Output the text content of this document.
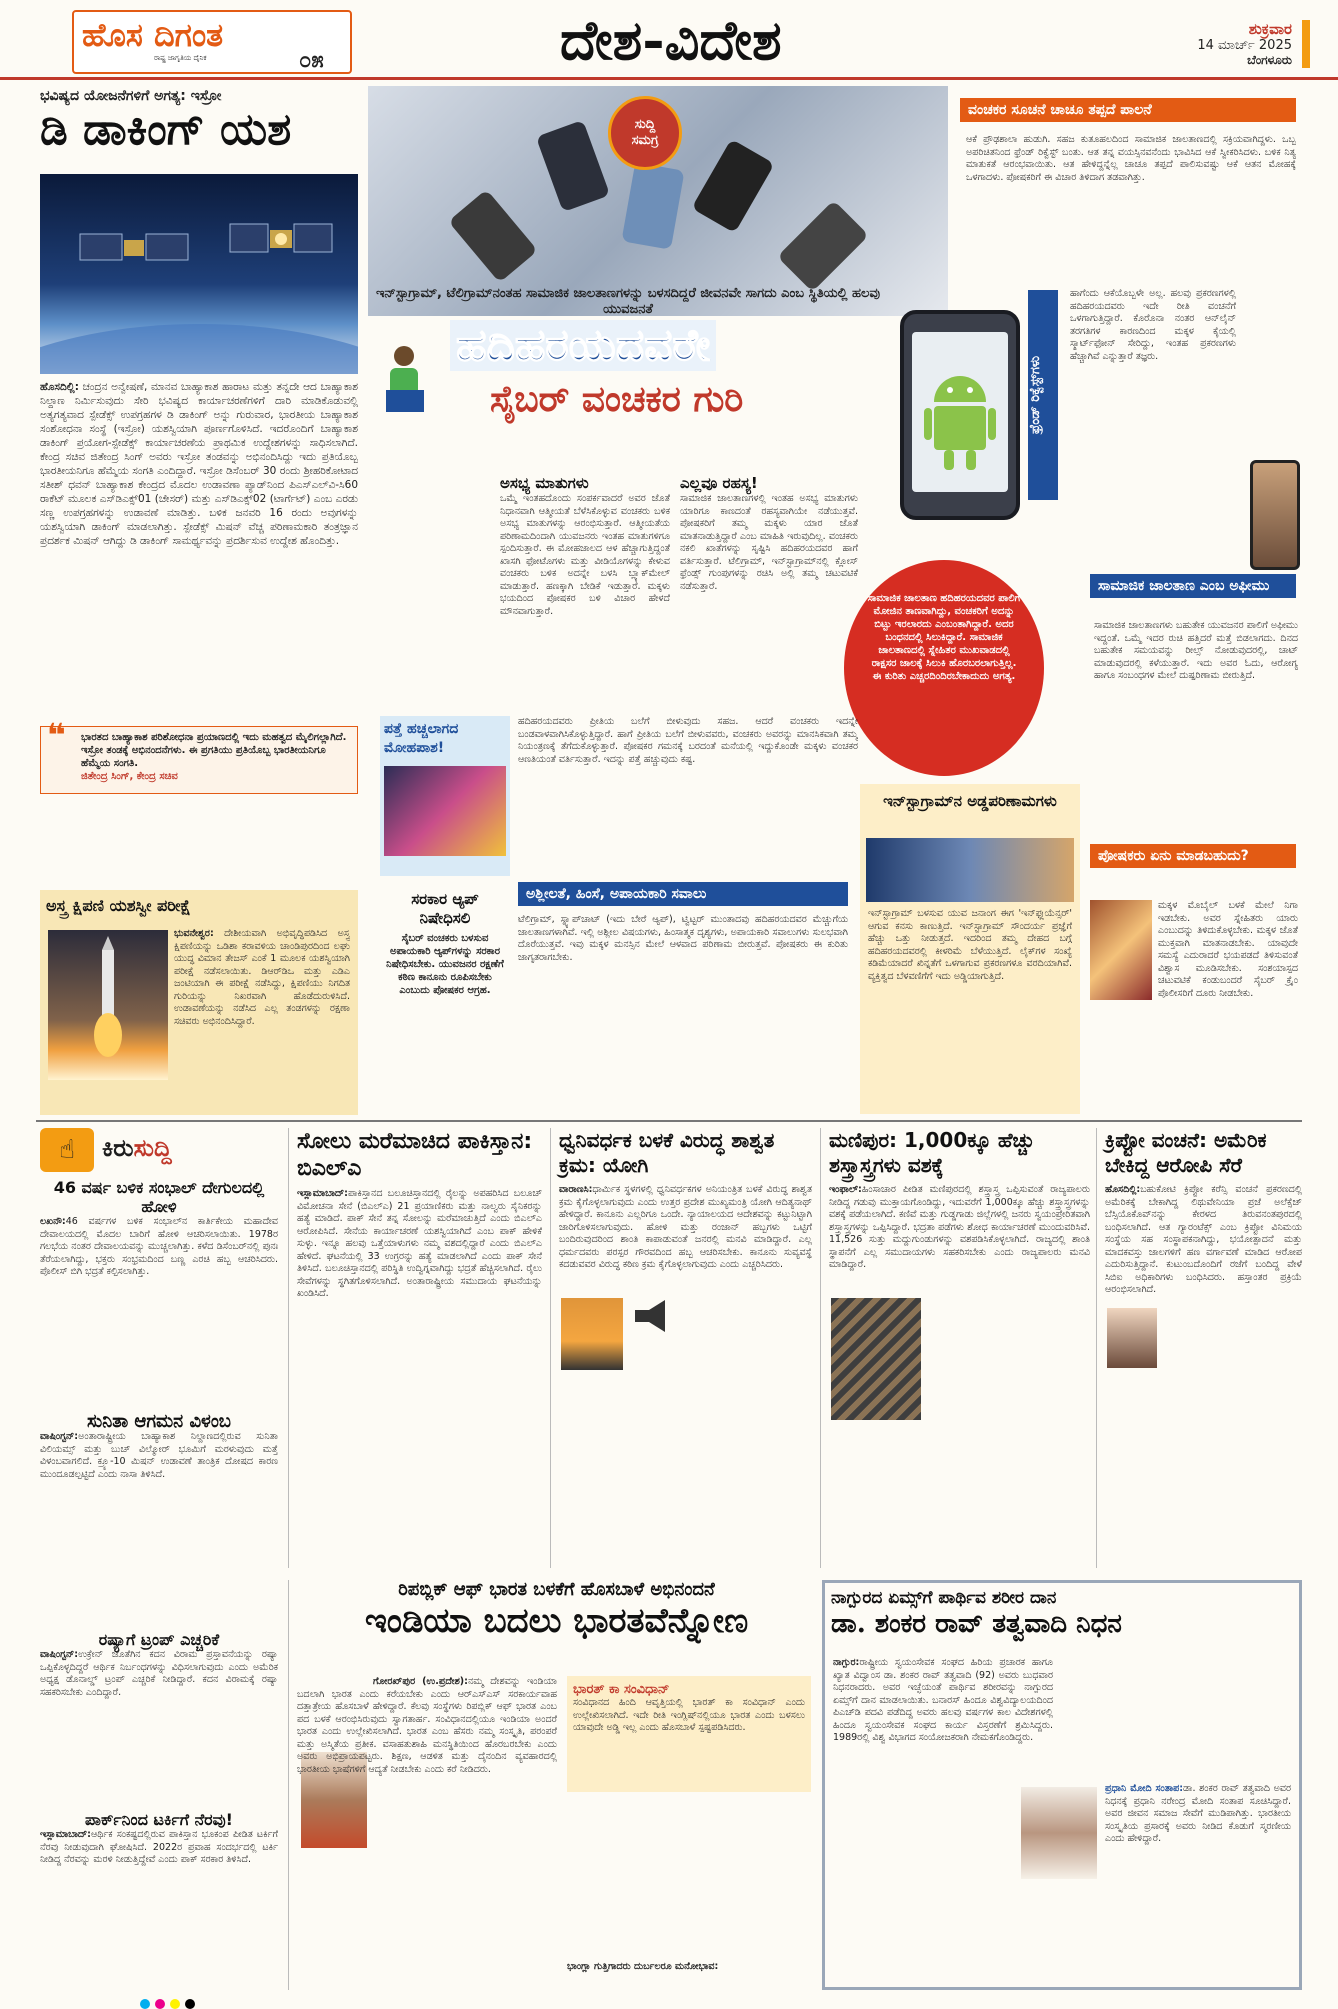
ಹೊಸ ದಿಗಂತ
ರಾಷ್ಟ್ರ ಜಾಗೃತಿಯ ದೈನಿಕ	೦೫	ದೇಶ-ವಿದೇಶ	ಶುಕ್ರವಾರ
14 ಮಾರ್ಚ್ 2025
ಬೆಂಗಳೂರು
ಭವಿಷ್ಯದ ಯೋಜನೆಗಳಿಗೆ ಅಗತ್ಯ: ಇಸ್ರೋ
ಡಿ ಡಾಕಿಂಗ್ ಯಶ
ಹೊಸದಿಲ್ಲಿ: ಚಂದ್ರನ ಅನ್ವೇಷಣೆ, ಮಾನವ ಬಾಹ್ಯಾಕಾಶ ಹಾರಾಟ ಮತ್ತು ತನ್ನದೇ ಆದ ಬಾಹ್ಯಾಕಾಶ ನಿಲ್ದಾಣ ನಿರ್ಮಿಸುವುದು ಸೇರಿ ಭವಿಷ್ಯದ ಕಾರ್ಯಾಚರಣೆಗಳಿಗೆ ದಾರಿ ಮಾಡಿಕೊಡುವಲ್ಲಿ ಅತ್ಯಗತ್ಯವಾದ ಸ್ಪೇಡೆಕ್ಸ್ ಉಪಗ್ರಹಗಳ ಡಿ ಡಾಕಿಂಗ್ ಅನ್ನು ಗುರುವಾರ, ಭಾರತೀಯ ಬಾಹ್ಯಾಕಾಶ ಸಂಶೋಧನಾ ಸಂಸ್ಥೆ (ಇಸ್ರೋ) ಯಶಸ್ವಿಯಾಗಿ ಪೂರ್ಣಗೊಳಿಸಿದೆ. ಇದರೊಂದಿಗೆ ಬಾಹ್ಯಾಕಾಶ ಡಾಕಿಂಗ್ ಪ್ರಯೋಗ-ಸ್ಪೇಡೆಕ್ಸ್ ಕಾರ್ಯಾಚರಣೆಯ ಪ್ರಾಥಮಿಕ ಉದ್ದೇಶಗಳನ್ನು ಸಾಧಿಸಲಾಗಿದೆ. ಕೇಂದ್ರ ಸಚಿವ ಜಿತೇಂದ್ರ ಸಿಂಗ್ ಅವರು ಇಸ್ರೋ ತಂಡವನ್ನು ಅಭಿನಂದಿಸಿದ್ದು ಇದು ಪ್ರತಿಯೊಬ್ಬ ಭಾರತೀಯನಿಗೂ ಹೆಮ್ಮೆಯ ಸಂಗತಿ ಎಂದಿದ್ದಾರೆ. ಇಸ್ರೋ ಡಿಸೆಂಬರ್ 30 ರಂದು ಶ್ರೀಹರಿಕೋಟಾದ ಸತೀಶ್ ಧವನ್ ಬಾಹ್ಯಾಕಾಶ ಕೇಂದ್ರದ ಮೊದಲ ಉಡಾವಣಾ ಪ್ಯಾಡ್‌ನಿಂದ ಪಿಎಸ್‌ಎಲ್‌ವಿ-ಸಿ60 ರಾಕೆಟ್ ಮೂಲಕ ಎಸ್‌ಡಿಎಕ್ಸ್01 (ಚೇಸರ್) ಮತ್ತು ಎಸ್‌ಡಿಎಕ್ಸ್02 (ಟಾರ್ಗೆಟ್) ಎಂಬ ಎರಡು ಸಣ್ಣ ಉಪಗ್ರಹಗಳನ್ನು ಉಡಾವಣೆ ಮಾಡಿತ್ತು. ಬಳಿಕ ಜನವರಿ 16 ರಂದು ಅವುಗಳನ್ನು ಯಶಸ್ವಿಯಾಗಿ ಡಾಕಿಂಗ್ ಮಾಡಲಾಗಿತ್ತು. ಸ್ಪೇಡೆಕ್ಸ್ ಮಿಷನ್ ವೆಚ್ಚ ಪರಿಣಾಮಕಾರಿ ತಂತ್ರಜ್ಞಾನ ಪ್ರದರ್ಶಕ ಮಿಷನ್ ಆಗಿದ್ದು ಡಿ ಡಾಕಿಂಗ್ ಸಾಮರ್ಥ್ಯವನ್ನು ಪ್ರದರ್ಶಿಸುವ ಉದ್ದೇಶ ಹೊಂದಿತ್ತು.
❝ ಭಾರತದ ಬಾಹ್ಯಾಕಾಶ ಪರಿಶೋಧನಾ ಪ್ರಯಾಣದಲ್ಲಿ ಇದು ಮಹತ್ವದ ಮೈಲಿಗಲ್ಲಾಗಿದೆ. ಇಸ್ರೋ ತಂಡಕ್ಕೆ ಅಭಿನಂದನೆಗಳು. ಈ ಪ್ರಗತಿಯು ಪ್ರತಿಯೊಬ್ಬ ಭಾರತೀಯನಿಗೂ ಹೆಮ್ಮೆಯ ಸಂಗತಿ.
ಜಿತೇಂದ್ರ ಸಿಂಗ್, ಕೇಂದ್ರ ಸಚಿವ
ಅಸ್ತ್ರ ಕ್ಷಿಪಣಿ ಯಶಸ್ವೀ ಪರೀಕ್ಷೆ
ಭುವನೇಶ್ವರ: ದೇಶೀಯವಾಗಿ ಅಭಿವೃದ್ಧಿಪಡಿಸಿದ ಅಸ್ತ್ರ ಕ್ಷಿಪಣಿಯನ್ನು ಒಡಿಶಾ ಕರಾವಳಿಯ ಚಾಂಡಿಪುರದಿಂದ ಲಘು ಯುದ್ಧ ವಿಮಾನ ತೇಜಸ್ ಎಂಕೆ 1 ಮೂಲಕ ಯಶಸ್ವಿಯಾಗಿ ಪರೀಕ್ಷೆ ನಡೆಸಲಾಯಿತು. ಡಿಆರ್‌ಡಿಒ ಮತ್ತು ಎಡಿಎ ಜಂಟಿಯಾಗಿ ಈ ಪರೀಕ್ಷೆ ನಡೆಸಿದ್ದು, ಕ್ಷಿಪಣಿಯು ನಿಗದಿತ ಗುರಿಯನ್ನು ನಿಖರವಾಗಿ ಹೊಡೆದುರುಳಿಸಿದೆ. ಉಡಾವಣೆಯನ್ನು ನಡೆಸಿದ ಎಲ್ಲ ತಂಡಗಳನ್ನು ರಕ್ಷಣಾ ಸಚಿವರು ಅಭಿನಂದಿಸಿದ್ದಾರೆ.
ಸುದ್ದಿ
ಸಮಗ್ರ
ಇನ್‌ಸ್ಟಾಗ್ರಾಮ್, ಟೆಲಿಗ್ರಾಮ್‌ನಂತಹ ಸಾಮಾಜಿಕ ಜಾಲತಾಣಗಳನ್ನು ಬಳಸದಿದ್ದರೆ ಜೀವನವೇ ಸಾಗದು ಎಂಬ ಸ್ಥಿತಿಯಲ್ಲಿ ಹಲವು ಯುವಜನತೆ
ಹದಿಹರಯದವರೇ
ಸೈಬರ್ ವಂಚಕರ ಗುರಿ	ಫ್ರೆಂಡ್ ರಿಕ್ವೆಸ್ಟ್‌ಗಳು
ವಂಚಕರ ಸೂಚನೆ ಚಾಚೂ ತಪ್ಪದೆ ಪಾಲನೆ
ಆಕೆ ಪ್ರೌಢಶಾಲಾ ಹುಡುಗಿ. ಸಹಜ ಕುತೂಹಲದಿಂದ ಸಾಮಾಜಿಕ ಜಾಲತಾಣದಲ್ಲಿ ಸಕ್ರಿಯವಾಗಿದ್ದಳು. ಒಬ್ಬ ಅಪರಿಚಿತನಿಂದ ಫ್ರೆಂಡ್ ರಿಕ್ವೆಸ್ಟ್ ಬಂತು. ಆತ ತನ್ನ ವಯಸ್ಸಿನವನೆಂದು ಭಾವಿಸಿದ ಆಕೆ ಸ್ವೀಕರಿಸಿದಳು. ಬಳಿಕ ನಿತ್ಯ ಮಾತುಕತೆ ಆರಂಭವಾಯಿತು. ಆತ ಹೇಳಿದ್ದನ್ನೆಲ್ಲ ಚಾಚೂ ತಪ್ಪದೆ ಪಾಲಿಸುವಷ್ಟು ಆಕೆ ಆತನ ಮೋಹಕ್ಕೆ ಒಳಗಾದಳು. ಪೋಷಕರಿಗೆ ಈ ವಿಚಾರ ತಿಳಿದಾಗ ತಡವಾಗಿತ್ತು.
ಹಾಗೆಂದು ಆಕೆಯೊಬ್ಬಳೇ ಅಲ್ಲ. ಹಲವು ಪ್ರಕರಣಗಳಲ್ಲಿ ಹದಿಹರಯದವರು ಇದೇ ರೀತಿ ವಂಚನೆಗೆ ಒಳಗಾಗುತ್ತಿದ್ದಾರೆ. ಕೊರೊನಾ ನಂತರ ಆನ್‌ಲೈನ್ ತರಗತಿಗಳ ಕಾರಣದಿಂದ ಮಕ್ಕಳ ಕೈಯಲ್ಲಿ ಸ್ಮಾರ್ಟ್‌ಫೋನ್ ಸೇರಿದ್ದು, ಇಂತಹ ಪ್ರಕರಣಗಳು ಹೆಚ್ಚಾಗಿವೆ ಎನ್ನುತ್ತಾರೆ ತಜ್ಞರು.
ಅಸಭ್ಯ ಮಾತುಗಳು
ಒಮ್ಮೆ ಇಂತಹದೊಂದು ಸಂಪರ್ಕವಾದರೆ ಅವರ ಜೊತೆ ನಿಧಾನವಾಗಿ ಆತ್ಮೀಯತೆ ಬೆಳೆಸಿಕೊಳ್ಳುವ ವಂಚಕರು ಬಳಿಕ ಅಸಭ್ಯ ಮಾತುಗಳನ್ನು ಆರಂಭಿಸುತ್ತಾರೆ. ಆತ್ಮೀಯತೆಯ ಪರಿಣಾಮದಿಂದಾಗಿ ಯುವಜನರು ಇಂತಹ ಮಾತುಗಳಿಗೂ ಸ್ಪಂದಿಸುತ್ತಾರೆ. ಈ ಮೋಹಜಾಲದ ಆಳ ಹೆಚ್ಚಾಗುತ್ತಿದ್ದಂತೆ ಖಾಸಗಿ ಫೋಟೊಗಳು ಮತ್ತು ವೀಡಿಯೊಗಳನ್ನು ಕೇಳುವ ವಂಚಕರು ಬಳಿಕ ಅದನ್ನೇ ಬಳಸಿ ಬ್ಲ್ಯಾಕ್‌ಮೇಲ್ ಮಾಡುತ್ತಾರೆ. ಹಣಕ್ಕಾಗಿ ಬೇಡಿಕೆ ಇಡುತ್ತಾರೆ. ಮಕ್ಕಳು ಭಯದಿಂದ ಪೋಷಕರ ಬಳಿ ವಿಚಾರ ಹೇಳದೆ ಮೌನವಾಗುತ್ತಾರೆ.
ಎಲ್ಲವೂ ರಹಸ್ಯ!
ಸಾಮಾಜಿಕ ಜಾಲತಾಣಗಳಲ್ಲಿ ಇಂತಹ ಅಸಭ್ಯ ಮಾತುಗಳು ಯಾರಿಗೂ ಕಾಣದಂತೆ ರಹಸ್ಯವಾಗಿಯೇ ನಡೆಯುತ್ತವೆ. ಪೋಷಕರಿಗೆ ತಮ್ಮ ಮಕ್ಕಳು ಯಾರ ಜೊತೆ ಮಾತನಾಡುತ್ತಿದ್ದಾರೆ ಎಂಬ ಮಾಹಿತಿ ಇರುವುದಿಲ್ಲ. ವಂಚಕರು ನಕಲಿ ಖಾತೆಗಳನ್ನು ಸೃಷ್ಟಿಸಿ ಹದಿಹರಯದವರ ಹಾಗೆ ವರ್ತಿಸುತ್ತಾರೆ. ಟೆಲಿಗ್ರಾಮ್, ಇನ್‌ಸ್ಟಾಗ್ರಾಮ್‌ನಲ್ಲಿ ಕ್ಲೋಸ್ ಫ್ರೆಂಡ್ಸ್ ಗುಂಪುಗಳನ್ನು ರಚಿಸಿ ಅಲ್ಲಿ ತಮ್ಮ ಚಟುವಟಿಕೆ ನಡೆಸುತ್ತಾರೆ.
ಸಾಮಾಜಿಕ ಜಾಲತಾಣ ಹದಿಹರಯದವರ ಪಾಲಿಗೆ ಮೋಜಿನ ತಾಣವಾಗಿದ್ದು, ವಂಚಕರಿಗೆ ಅದನ್ನು ಬಿಟ್ಟು ಇರಲಾರದು ಎಂಬಂತಾಗಿದ್ದಾರೆ. ಅದರ ಬಂಧನದಲ್ಲಿ ಸಿಲುಕಿದ್ದಾರೆ. ಸಾಮಾಜಿಕ ಜಾಲತಾಣದಲ್ಲಿ ಸ್ನೇಹಿತರ ಮುಖವಾಡದಲ್ಲಿ ರಾಕ್ಷಸರ ಜಾಲಕ್ಕೆ ಸಿಲುಕಿ ಹೊರಬರಲಾಗುತ್ತಿಲ್ಲ. ಈ ಕುರಿತು ಎಚ್ಚರದಿಂದಿರಬೇಕಾದುದು ಅಗತ್ಯ.
ಸಾಮಾಜಿಕ ಜಾಲತಾಣ ಎಂಬ ಅಫೀಮು
ಸಾಮಾಜಿಕ ಜಾಲತಾಣಗಳು ಬಹುತೇಕ ಯುವಜನರ ಪಾಲಿಗೆ ಅಫೀಮು ಇದ್ದಂತೆ. ಒಮ್ಮೆ ಇದರ ರುಚಿ ಹತ್ತಿದರೆ ಮತ್ತೆ ಬಿಡಲಾಗದು. ದಿನದ ಬಹುತೇಕ ಸಮಯವನ್ನು ರೀಲ್ಸ್ ನೋಡುವುದರಲ್ಲಿ, ಚಾಟ್ ಮಾಡುವುದರಲ್ಲಿ ಕಳೆಯುತ್ತಾರೆ. ಇದು ಅವರ ಓದು, ಆರೋಗ್ಯ ಹಾಗೂ ಸಂಬಂಧಗಳ ಮೇಲೆ ದುಷ್ಪರಿಣಾಮ ಬೀರುತ್ತಿದೆ.
ಪೋಷಕರು ಏನು ಮಾಡಬಹುದು?
ಮಕ್ಕಳ ಮೊಬೈಲ್ ಬಳಕೆ ಮೇಲೆ ನಿಗಾ ಇಡಬೇಕು. ಅವರ ಸ್ನೇಹಿತರು ಯಾರು ಎಂಬುದನ್ನು ತಿಳಿದುಕೊಳ್ಳಬೇಕು. ಮಕ್ಕಳ ಜೊತೆ ಮುಕ್ತವಾಗಿ ಮಾತನಾಡಬೇಕು. ಯಾವುದೇ ಸಮಸ್ಯೆ ಎದುರಾದರೆ ಭಯಪಡದೆ ತಿಳಿಸುವಂತೆ ವಿಶ್ವಾಸ ಮೂಡಿಸಬೇಕು. ಸಂಶಯಾಸ್ಪದ ಚಟುವಟಿಕೆ ಕಂಡುಬಂದರೆ ಸೈಬರ್ ಕ್ರೈಂ ಪೊಲೀಸರಿಗೆ ದೂರು ನೀಡಬೇಕು.
ಪತ್ತೆ ಹಚ್ಚಲಾಗದ ಮೋಹಪಾಶ!
ಹದಿಹರಯದವರು ಪ್ರೀತಿಯ ಬಲೆಗೆ ಬೀಳುವುದು ಸಹಜ. ಆದರೆ ವಂಚಕರು ಇದನ್ನೇ ಬಂಡವಾಳವಾಗಿಸಿಕೊಳ್ಳುತ್ತಿದ್ದಾರೆ. ಹಾಗೆ ಪ್ರೀತಿಯ ಬಲೆಗೆ ಬೀಳುವವರು, ವಂಚಕರು ಅವರನ್ನು ಮಾನಸಿಕವಾಗಿ ತಮ್ಮ ನಿಯಂತ್ರಣಕ್ಕೆ ತೆಗೆದುಕೊಳ್ಳುತ್ತಾರೆ. ಪೋಷಕರ ಗಮನಕ್ಕೆ ಬರದಂತೆ ಮನೆಯಲ್ಲಿ ಇದ್ದುಕೊಂಡೇ ಮಕ್ಕಳು ವಂಚಕರ ಆಣತಿಯಂತೆ ವರ್ತಿಸುತ್ತಾರೆ. ಇದನ್ನು ಪತ್ತೆ ಹಚ್ಚುವುದು ಕಷ್ಟ.
ಸರಕಾರ ಆ್ಯಪ್ ನಿಷೇಧಿಸಲಿ
ಸೈಬರ್ ವಂಚಕರು ಬಳಸುವ ಅಪಾಯಕಾರಿ ಆ್ಯಪ್‌ಗಳನ್ನು ಸರಕಾರ ನಿಷೇಧಿಸಬೇಕು. ಯುವಜನರ ರಕ್ಷಣೆಗೆ ಕಠಿಣ ಕಾನೂನು ರೂಪಿಸಬೇಕು ಎಂಬುದು ಪೋಷಕರ ಆಗ್ರಹ.
ಅಶ್ಲೀಲತೆ, ಹಿಂಸೆ, ಅಪಾಯಕಾರಿ ಸವಾಲು
ಟೆಲಿಗ್ರಾಮ್, ಸ್ನ್ಯಾಪ್‌ಚಾಟ್ (ಇದು ಬೇರೆ ಆ್ಯಪ್), ಟ್ವಿಟ್ಟರ್ ಮುಂತಾದವು ಹದಿಹರಯದವರ ಮೆಚ್ಚುಗೆಯ ಜಾಲತಾಣಗಳಾಗಿವೆ. ಇಲ್ಲಿ ಅಶ್ಲೀಲ ವಿಷಯಗಳು, ಹಿಂಸಾತ್ಮಕ ದೃಶ್ಯಗಳು, ಅಪಾಯಕಾರಿ ಸವಾಲುಗಳು ಸುಲಭವಾಗಿ ದೊರೆಯುತ್ತವೆ. ಇವು ಮಕ್ಕಳ ಮನಸ್ಸಿನ ಮೇಲೆ ಆಳವಾದ ಪರಿಣಾಮ ಬೀರುತ್ತವೆ. ಪೋಷಕರು ಈ ಕುರಿತು ಜಾಗೃತರಾಗಬೇಕು.
ಇನ್‌ಸ್ಟಾಗ್ರಾಮ್‌ನ ಅಡ್ಡಪರಿಣಾಮಗಳು
ಇನ್‌ಸ್ಟಾಗ್ರಾಮ್ ಬಳಸುವ ಯುವ ಜನಾಂಗ ಈಗ 'ಇನ್‌ಫ್ಲುಯೆನ್ಸರ್' ಆಗುವ ಕನಸು ಕಾಣುತ್ತಿದೆ. ಇನ್‌ಸ್ಟಾಗ್ರಾಮ್ ಸೌಂದರ್ಯ ಪ್ರಜ್ಞೆಗೆ ಹೆಚ್ಚು ಒತ್ತು ನೀಡುತ್ತದೆ. ಇದರಿಂದ ತಮ್ಮ ದೇಹದ ಬಗ್ಗೆ ಹದಿಹರಯದವರಲ್ಲಿ ಕೀಳರಿಮೆ ಬೆಳೆಯುತ್ತಿದೆ. ಲೈಕ್‌ಗಳ ಸಂಖ್ಯೆ ಕಡಿಮೆಯಾದರೆ ಖಿನ್ನತೆಗೆ ಒಳಗಾಗುವ ಪ್ರಕರಣಗಳೂ ವರದಿಯಾಗಿವೆ. ವ್ಯಕ್ತಿತ್ವದ ಬೆಳವಣಿಗೆಗೆ ಇದು ಅಡ್ಡಿಯಾಗುತ್ತಿದೆ.
☝	ಕಿರುಸುದ್ದಿ
46 ವರ್ಷ ಬಳಿಕ ಸಂಭಾಲ್ ದೇಗುಲದಲ್ಲಿ ಹೋಳಿ
ಲಖನೌ:46 ವರ್ಷಗಳ ಬಳಿಕ ಸಂಭಾಲ್‌ನ ಕಾರ್ತಿಕೇಯ ಮಹಾದೇವ ದೇವಾಲಯದಲ್ಲಿ ಮೊದಲ ಬಾರಿಗೆ ಹೋಳಿ ಆಚರಿಸಲಾಯಿತು. 1978ರ ಗಲಭೆಯ ನಂತರ ದೇವಾಲಯವನ್ನು ಮುಚ್ಚಲಾಗಿತ್ತು. ಕಳೆದ ಡಿಸೆಂಬರ್‌ನಲ್ಲಿ ಪುನಃ ತೆರೆಯಲಾಗಿದ್ದು, ಭಕ್ತರು ಸಂಭ್ರಮದಿಂದ ಬಣ್ಣ ಎರಚಿ ಹಬ್ಬ ಆಚರಿಸಿದರು. ಪೊಲೀಸ್ ಬಿಗಿ ಭದ್ರತೆ ಕಲ್ಪಿಸಲಾಗಿತ್ತು.
ಸುನಿತಾ ಆಗಮನ ವಿಳಂಬ
ವಾಷಿಂಗ್ಟನ್:ಅಂತಾರಾಷ್ಟ್ರೀಯ ಬಾಹ್ಯಾಕಾಶ ನಿಲ್ದಾಣದಲ್ಲಿರುವ ಸುನಿತಾ ವಿಲಿಯಮ್ಸ್ ಮತ್ತು ಬುಚ್ ವಿಲ್ಮೋರ್ ಭೂಮಿಗೆ ಮರಳುವುದು ಮತ್ತೆ ವಿಳಂಬವಾಗಲಿದೆ. ಕ್ರ್ಯೂ-10 ಮಿಷನ್ ಉಡಾವಣೆ ತಾಂತ್ರಿಕ ದೋಷದ ಕಾರಣ ಮುಂದೂಡಲ್ಪಟ್ಟಿದೆ ಎಂದು ನಾಸಾ ತಿಳಿಸಿದೆ.
ರಷ್ಯಾಗೆ ಟ್ರಂಪ್ ಎಚ್ಚರಿಕೆ
ವಾಷಿಂಗ್ಟನ್:ಉಕ್ರೇನ್ ಜೊತೆಗಿನ ಕದನ ವಿರಾಮ ಪ್ರಸ್ತಾವನೆಯನ್ನು ರಷ್ಯಾ ಒಪ್ಪಿಕೊಳ್ಳದಿದ್ದರೆ ಆರ್ಥಿಕ ನಿರ್ಬಂಧಗಳನ್ನು ವಿಧಿಸಲಾಗುವುದು ಎಂದು ಅಮೆರಿಕ ಅಧ್ಯಕ್ಷ ಡೊನಾಲ್ಡ್ ಟ್ರಂಪ್ ಎಚ್ಚರಿಕೆ ನೀಡಿದ್ದಾರೆ. ಕದನ ವಿರಾಮಕ್ಕೆ ರಷ್ಯಾ ಸಹಕರಿಸಬೇಕು ಎಂದಿದ್ದಾರೆ.
ಪಾರ್ಕ್‌ನಿಂದ ಟರ್ಕಿಗೆ ನೆರವು!
ಇಸ್ಲಾಮಾಬಾದ್:ಆರ್ಥಿಕ ಸಂಕಷ್ಟದಲ್ಲಿರುವ ಪಾಕಿಸ್ತಾನ ಭೂಕಂಪ ಪೀಡಿತ ಟರ್ಕಿಗೆ ನೆರವು ನೀಡುವುದಾಗಿ ಘೋಷಿಸಿದೆ. 2022ರ ಪ್ರವಾಹ ಸಂದರ್ಭದಲ್ಲಿ ಟರ್ಕಿ ನೀಡಿದ್ದ ನೆರವನ್ನು ಮರಳಿ ನೀಡುತ್ತಿದ್ದೇವೆ ಎಂದು ಪಾಕ್ ಸರಕಾರ ತಿಳಿಸಿದೆ.
ಸೋಲು ಮರೆಮಾಚಿದ ಪಾಕಿಸ್ತಾನ: ಬಿಎಲ್‌ಎ
ಇಸ್ಲಾಮಾಬಾದ್:ಪಾಕಿಸ್ತಾನದ ಬಲೂಚಿಸ್ತಾನದಲ್ಲಿ ರೈಲನ್ನು ಅಪಹರಿಸಿದ ಬಲೂಚ್ ವಿಮೋಚನಾ ಸೇನೆ (ಬಿಎಲ್‌ಎ) 21 ಪ್ರಯಾಣಿಕರು ಮತ್ತು ನಾಲ್ವರು ಸೈನಿಕರನ್ನು ಹತ್ಯೆ ಮಾಡಿದೆ. ಪಾಕ್ ಸೇನೆ ತನ್ನ ಸೋಲನ್ನು ಮರೆಮಾಚುತ್ತಿದೆ ಎಂದು ಬಿಎಲ್‌ಎ ಆರೋಪಿಸಿದೆ. ಸೇನೆಯ ಕಾರ್ಯಾಚರಣೆ ಯಶಸ್ವಿಯಾಗಿದೆ ಎಂಬ ಪಾಕ್ ಹೇಳಿಕೆ ಸುಳ್ಳು. ಇನ್ನೂ ಹಲವು ಒತ್ತೆಯಾಳುಗಳು ನಮ್ಮ ವಶದಲ್ಲಿದ್ದಾರೆ ಎಂದು ಬಿಎಲ್‌ಎ ಹೇಳಿದೆ. ಘಟನೆಯಲ್ಲಿ 33 ಉಗ್ರರನ್ನು ಹತ್ಯೆ ಮಾಡಲಾಗಿದೆ ಎಂದು ಪಾಕ್ ಸೇನೆ ತಿಳಿಸಿದೆ. ಬಲೂಚಿಸ್ತಾನದಲ್ಲಿ ಪರಿಸ್ಥಿತಿ ಉದ್ವಿಗ್ನವಾಗಿದ್ದು ಭದ್ರತೆ ಹೆಚ್ಚಿಸಲಾಗಿದೆ. ರೈಲು ಸೇವೆಗಳನ್ನು ಸ್ಥಗಿತಗೊಳಿಸಲಾಗಿದೆ. ಅಂತಾರಾಷ್ಟ್ರೀಯ ಸಮುದಾಯ ಘಟನೆಯನ್ನು ಖಂಡಿಸಿದೆ.
ಧ್ವನಿವರ್ಧಕ ಬಳಕೆ ವಿರುದ್ಧ ಶಾಶ್ವತ ಕ್ರಮ: ಯೋಗಿ
ವಾರಾಣಸಿ:ಧಾರ್ಮಿಕ ಸ್ಥಳಗಳಲ್ಲಿ ಧ್ವನಿವರ್ಧಕಗಳ ಅನಿಯಂತ್ರಿತ ಬಳಕೆ ವಿರುದ್ಧ ಶಾಶ್ವತ ಕ್ರಮ ಕೈಗೊಳ್ಳಲಾಗುವುದು ಎಂದು ಉತ್ತರ ಪ್ರದೇಶ ಮುಖ್ಯಮಂತ್ರಿ ಯೋಗಿ ಆದಿತ್ಯನಾಥ್ ಹೇಳಿದ್ದಾರೆ. ಕಾನೂನು ಎಲ್ಲರಿಗೂ ಒಂದೇ. ನ್ಯಾಯಾಲಯದ ಆದೇಶವನ್ನು ಕಟ್ಟುನಿಟ್ಟಾಗಿ ಜಾರಿಗೊಳಿಸಲಾಗುವುದು. ಹೋಳಿ ಮತ್ತು ರಂಜಾನ್ ಹಬ್ಬಗಳು ಒಟ್ಟಿಗೆ ಬಂದಿರುವುದರಿಂದ ಶಾಂತಿ ಕಾಪಾಡುವಂತೆ ಜನರಲ್ಲಿ ಮನವಿ ಮಾಡಿದ್ದಾರೆ. ಎಲ್ಲ ಧರ್ಮದವರು ಪರಸ್ಪರ ಗೌರವದಿಂದ ಹಬ್ಬ ಆಚರಿಸಬೇಕು. ಕಾನೂನು ಸುವ್ಯವಸ್ಥೆ ಕದಡುವವರ ವಿರುದ್ಧ ಕಠಿಣ ಕ್ರಮ ಕೈಗೊಳ್ಳಲಾಗುವುದು ಎಂದು ಎಚ್ಚರಿಸಿದರು.
ಮಣಿಪುರ: 1,000ಕ್ಕೂ ಹೆಚ್ಚು ಶಸ್ತ್ರಾಸ್ತ್ರಗಳು ವಶಕ್ಕೆ
ಇಂಫಾಲ್:ಹಿಂಸಾಚಾರ ಪೀಡಿತ ಮಣಿಪುರದಲ್ಲಿ ಶಸ್ತ್ರಾಸ್ತ್ರ ಒಪ್ಪಿಸುವಂತೆ ರಾಜ್ಯಪಾಲರು ನೀಡಿದ್ದ ಗಡುವು ಮುಕ್ತಾಯಗೊಂಡಿದ್ದು, ಇದುವರೆಗೆ 1,000ಕ್ಕೂ ಹೆಚ್ಚು ಶಸ್ತ್ರಾಸ್ತ್ರಗಳನ್ನು ವಶಕ್ಕೆ ಪಡೆಯಲಾಗಿದೆ. ಕಣಿವೆ ಮತ್ತು ಗುಡ್ಡಗಾಡು ಜಿಲ್ಲೆಗಳಲ್ಲಿ ಜನರು ಸ್ವಯಂಪ್ರೇರಿತವಾಗಿ ಶಸ್ತ್ರಾಸ್ತ್ರಗಳನ್ನು ಒಪ್ಪಿಸಿದ್ದಾರೆ. ಭದ್ರತಾ ಪಡೆಗಳು ಶೋಧ ಕಾರ್ಯಾಚರಣೆ ಮುಂದುವರಿಸಿವೆ. 11,526 ಸುತ್ತು ಮದ್ದುಗುಂಡುಗಳನ್ನು ವಶಪಡಿಸಿಕೊಳ್ಳಲಾಗಿದೆ. ರಾಜ್ಯದಲ್ಲಿ ಶಾಂತಿ ಸ್ಥಾಪನೆಗೆ ಎಲ್ಲ ಸಮುದಾಯಗಳು ಸಹಕರಿಸಬೇಕು ಎಂದು ರಾಜ್ಯಪಾಲರು ಮನವಿ ಮಾಡಿದ್ದಾರೆ.
ಕ್ರಿಪ್ಟೋ ವಂಚನೆ: ಅಮೆರಿಕ ಬೇಕಿದ್ದ ಆರೋಪಿ ಸೆರೆ
ಹೊಸದಿಲ್ಲಿ:ಬಹುಕೋಟಿ ಕ್ರಿಪ್ಟೋ ಕರೆನ್ಸಿ ವಂಚನೆ ಪ್ರಕರಣದಲ್ಲಿ ಅಮೆರಿಕಕ್ಕೆ ಬೇಕಾಗಿದ್ದ ಲಿಥುವೇನಿಯಾ ಪ್ರಜೆ ಅಲೆಕ್ಸೆಜ್ ಬೆಸ್ಸಿಯೊಕೊವ್‌ನನ್ನು ಕೇರಳದ ತಿರುವನಂತಪುರದಲ್ಲಿ ಬಂಧಿಸಲಾಗಿದೆ. ಆತ ಗ್ಯಾರಂಟೆಕ್ಸ್ ಎಂಬ ಕ್ರಿಪ್ಟೋ ವಿನಿಮಯ ಸಂಸ್ಥೆಯ ಸಹ ಸಂಸ್ಥಾಪಕನಾಗಿದ್ದು, ಭಯೋತ್ಪಾದನೆ ಮತ್ತು ಮಾದಕವಸ್ತು ಜಾಲಗಳಿಗೆ ಹಣ ವರ್ಗಾವಣೆ ಮಾಡಿದ ಆರೋಪ ಎದುರಿಸುತ್ತಿದ್ದಾನೆ. ಕುಟುಂಬದೊಂದಿಗೆ ರಜೆಗೆ ಬಂದಿದ್ದ ವೇಳೆ ಸಿಬಿಐ ಅಧಿಕಾರಿಗಳು ಬಂಧಿಸಿದರು. ಹಸ್ತಾಂತರ ಪ್ರಕ್ರಿಯೆ ಆರಂಭಿಸಲಾಗಿದೆ.
ರಿಪಬ್ಲಿಕ್ ಆಫ್ ಭಾರತ ಬಳಕೆಗೆ ಹೊಸಬಾಳೆ ಅಭಿನಂದನೆ
ಇಂಡಿಯಾ ಬದಲು ಭಾರತವೆನ್ನೋಣ
ಗೋರಖ್‌ಪುರ (ಉ.ಪ್ರದೇಶ):ನಮ್ಮ ದೇಶವನ್ನು ಇಂಡಿಯಾ ಬದಲಾಗಿ ಭಾರತ ಎಂದು ಕರೆಯಬೇಕು ಎಂದು ಆರ್‌ಎಸ್‌ಎಸ್ ಸರಕಾರ್ಯವಾಹ ದತ್ತಾತ್ರೇಯ ಹೊಸಬಾಳೆ ಹೇಳಿದ್ದಾರೆ. ಕೆಲವು ಸಂಸ್ಥೆಗಳು ರಿಪಬ್ಲಿಕ್ ಆಫ್ ಭಾರತ ಎಂಬ ಪದ ಬಳಕೆ ಆರಂಭಿಸಿರುವುದು ಸ್ವಾಗತಾರ್ಹ. ಸಂವಿಧಾನದಲ್ಲಿಯೂ ಇಂಡಿಯಾ ಅಂದರೆ ಭಾರತ ಎಂದು ಉಲ್ಲೇಖಿಸಲಾಗಿದೆ. ಭಾರತ ಎಂಬ ಹೆಸರು ನಮ್ಮ ಸಂಸ್ಕೃತಿ, ಪರಂಪರೆ ಮತ್ತು ಅಸ್ಮಿತೆಯ ಪ್ರತೀಕ. ವಸಾಹತುಶಾಹಿ ಮನಸ್ಥಿತಿಯಿಂದ ಹೊರಬರಬೇಕು ಎಂದು ಅವರು ಅಭಿಪ್ರಾಯಪಟ್ಟರು. ಶಿಕ್ಷಣ, ಆಡಳಿತ ಮತ್ತು ದೈನಂದಿನ ವ್ಯವಹಾರದಲ್ಲಿ ಭಾರತೀಯ ಭಾಷೆಗಳಿಗೆ ಆದ್ಯತೆ ನೀಡಬೇಕು ಎಂದು ಕರೆ ನೀಡಿದರು.
ಭಾರತ್ ಕಾ ಸಂವಿಧಾನ್
ಸಂವಿಧಾನದ ಹಿಂದಿ ಆವೃತ್ತಿಯಲ್ಲಿ ಭಾರತ್ ಕಾ ಸಂವಿಧಾನ್ ಎಂದು ಉಲ್ಲೇಖಿಸಲಾಗಿದೆ. ಇದೇ ರೀತಿ ಇಂಗ್ಲಿಷ್‌ನಲ್ಲಿಯೂ ಭಾರತ ಎಂದು ಬಳಸಲು ಯಾವುದೇ ಅಡ್ಡಿ ಇಲ್ಲ ಎಂದು ಹೊಸಬಾಳೆ ಸ್ಪಷ್ಟಪಡಿಸಿದರು.
ಭಾಂಗ್ಲಾ ಗುತ್ತಿಗಾದರು ದುರ್ಬಲರೂ ಮನೋಭಾವ:
ನಾಗ್ಪುರದ ಏಮ್ಸ್‌ಗೆ ಪಾರ್ಥಿವ ಶರೀರ ದಾನ
ಡಾ. ಶಂಕರ ರಾವ್ ತತ್ವವಾದಿ ನಿಧನ
ನಾಗ್ಪುರ:ರಾಷ್ಟ್ರೀಯ ಸ್ವಯಂಸೇವಕ ಸಂಘದ ಹಿರಿಯ ಪ್ರಚಾರಕ ಹಾಗೂ ಖ್ಯಾತ ವಿದ್ವಾಂಸ ಡಾ. ಶಂಕರ ರಾವ್ ತತ್ವವಾದಿ (92) ಅವರು ಬುಧವಾರ ನಿಧನರಾದರು. ಅವರ ಇಚ್ಛೆಯಂತೆ ಪಾರ್ಥಿವ ಶರೀರವನ್ನು ನಾಗ್ಪುರದ ಏಮ್ಸ್‌ಗೆ ದಾನ ಮಾಡಲಾಯಿತು. ಬನಾರಸ್ ಹಿಂದೂ ವಿಶ್ವವಿದ್ಯಾಲಯದಿಂದ ಪಿಎಚ್‌ಡಿ ಪದವಿ ಪಡೆದಿದ್ದ ಅವರು ಹಲವು ವರ್ಷಗಳ ಕಾಲ ವಿದೇಶಗಳಲ್ಲಿ ಹಿಂದೂ ಸ್ವಯಂಸೇವಕ ಸಂಘದ ಕಾರ್ಯ ವಿಸ್ತರಣೆಗೆ ಶ್ರಮಿಸಿದ್ದರು. 1989ರಲ್ಲಿ ವಿಶ್ವ ವಿಭಾಗದ ಸಂಯೋಜಕರಾಗಿ ನೇಮಕಗೊಂಡಿದ್ದರು.
ಪ್ರಧಾನಿ ಮೋದಿ ಸಂತಾಪ:ಡಾ. ಶಂಕರ ರಾವ್ ತತ್ವವಾದಿ ಅವರ ನಿಧನಕ್ಕೆ ಪ್ರಧಾನಿ ನರೇಂದ್ರ ಮೋದಿ ಸಂತಾಪ ಸೂಚಿಸಿದ್ದಾರೆ. ಅವರ ಜೀವನ ಸಮಾಜ ಸೇವೆಗೆ ಮುಡಿಪಾಗಿತ್ತು. ಭಾರತೀಯ ಸಂಸ್ಕೃತಿಯ ಪ್ರಸಾರಕ್ಕೆ ಅವರು ನೀಡಿದ ಕೊಡುಗೆ ಸ್ಮರಣೀಯ ಎಂದು ಹೇಳಿದ್ದಾರೆ.
